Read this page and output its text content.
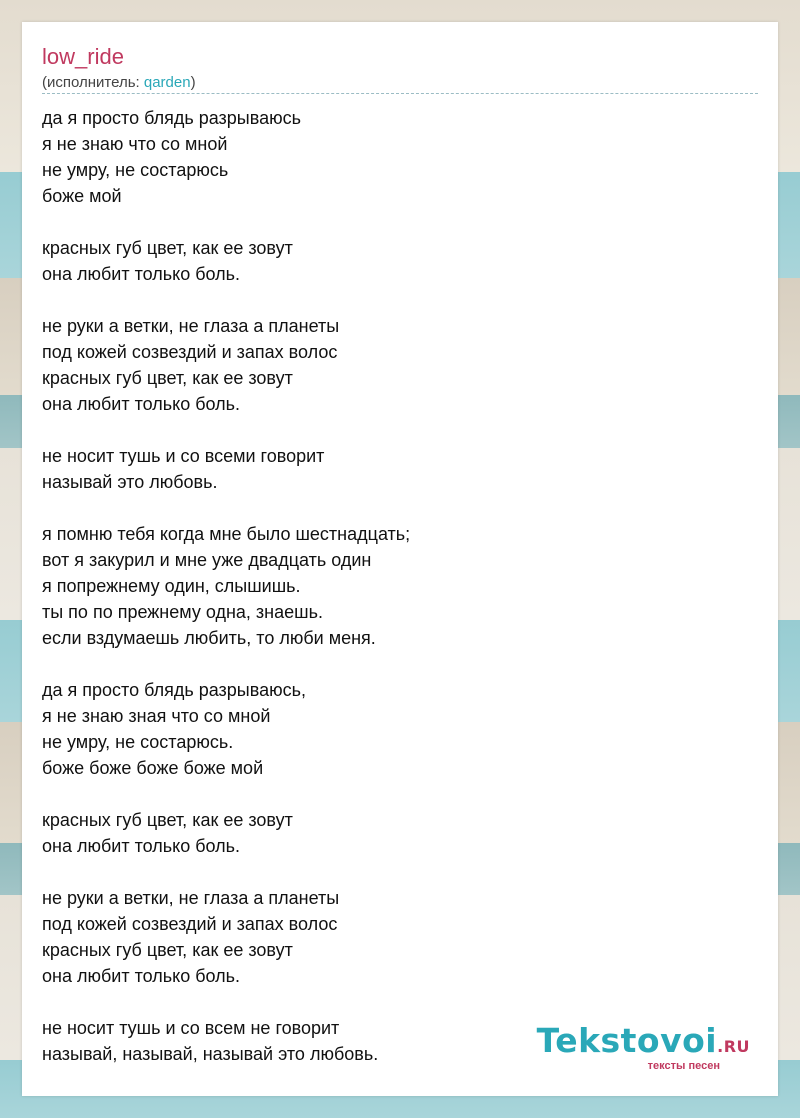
low_ride
(исполнитель: qarden)
да я просто блядь разрываюсь
я не знаю что со мной
не умру, не состарюсь
боже мой
красных губ цвет, как ее зовут
она любит только боль.
не руки а ветки, не глаза а планеты
под кожей созвездий и запах волос
красных губ цвет, как ее зовут
она любит только боль.
не носит тушь и со всеми говорит
называй это любовь.
я помню тебя когда мне было шестнадцать;
вот я закурил и мне уже двадцать один
я попрежнему один, слышишь.
ты по по прежнему одна, знаешь.
если вздумаешь любить, то люби меня.
да я просто блядь разрываюсь,
я не знаю зная что со мной
не умру, не состарюсь.
боже боже боже боже мой
красных губ цвет, как ее зовут
она любит только боль.
не руки а ветки, не глаза а планеты
под кожей созвездий и запах волос
красных губ цвет, как ее зовут
она любит только боль.
не носит тушь и со всем не говорит
называй, называй, называй это любовь.	Tekstovoi.RU
тексты песен
